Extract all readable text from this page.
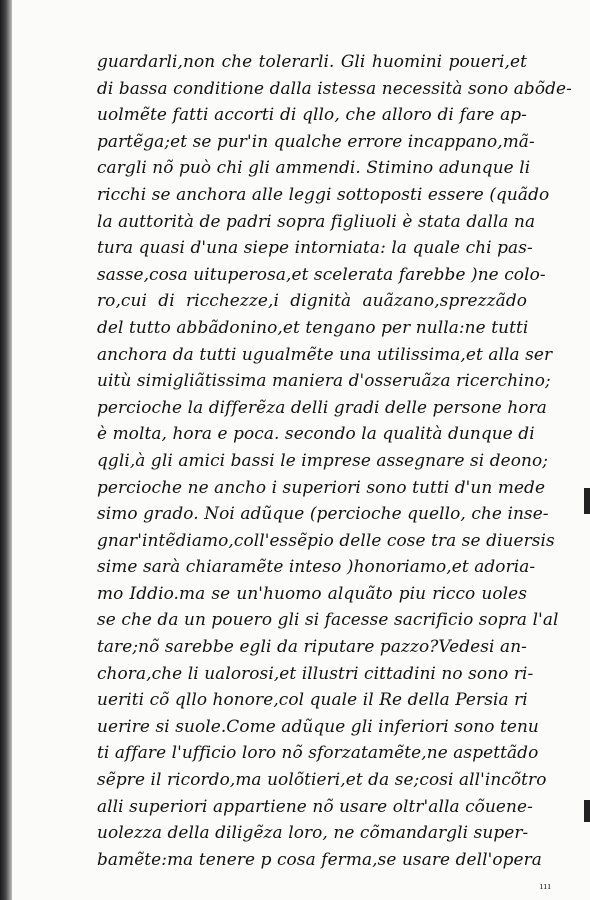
guardarli,non che tolerarli. Gli huomini poueri,et
di bassa conditione dalla istessa necessità sono abõde-
uolmẽte fatti accorti di qllo, che alloro di fare ap-
partẽga;et se pur'in qualche errore incappano,mã-
cargli nõ può chi gli ammendi. Stimino adunque li
ricchi se anchora alle leggi sottoposti essere (quãdo
la auttorità de padri sopra figliuoli è stata dalla na
tura quasi d'una siepe intorniata: la quale chi pas-
sasse,cosa uituperosa,et scelerata farebbe )ne colo-
ro,cui di ricchezze,i dignità auãzano,sprezzãdo
del tutto abbãdonino,et tengano per nulla:ne tutti
anchora da tutti ugualmẽte una utilissima,et alla ser
uitù simigliãtissima maniera d'osseruãza ricerchino;
percioche la differẽza delli gradi delle persone hora
è molta, hora e poca. secondo la qualità dunque di
qgli,à gli amici bassi le imprese assegnare si deono;
percioche ne ancho i superiori sono tutti d'un mede
simo grado. Noi adũque (percioche quello, che inse-
gnar'intẽdiamo,coll'essẽpio delle cose tra se diuersis
sime sarà chiaramẽte inteso )honoriamo,et adoria-
mo Iddio.ma se un'huomo alquãto piu ricco uoles
se che da un pouero gli si facesse sacrificio sopra l'al
tare;nõ sarebbe egli da riputare pazzo?Vedesi an-
chora,che li ualorosi,et illustri cittadini no sono ri-
ueriti cõ qllo honore,col quale il Re della Persia ri
uerire si suole.Come adũque gli inferiori sono tenu
ti affare l'ufficio loro nõ sforzatamẽte,ne aspettãdo
sẽpre il ricordo,ma uolõtieri,et da se;cosi all'incõtro
alli superiori appartiene nõ usare oltr'alla cõuene-
uolezza della diligẽza loro, ne cõmandargli super-
bamẽte:ma tenere p cosa ferma,se usare dell'opera
ııı
